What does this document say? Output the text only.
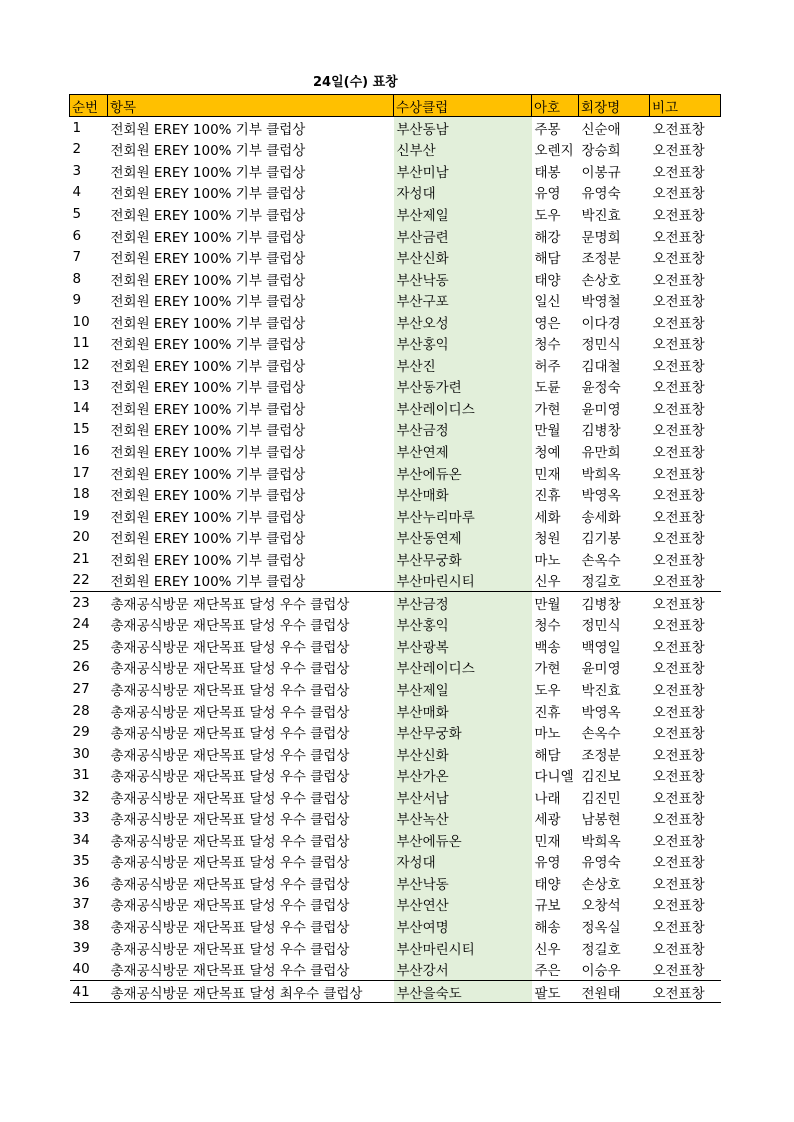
24일(수) 표창
순번	항목	수상클럽	아호	회장명	비고
1	전회원 EREY 100% 기부 클럽상	부산동남	주몽	신순애	오전표창
2	전회원 EREY 100% 기부 클럽상	신부산	오렌지	장승희	오전표창
3	전회원 EREY 100% 기부 클럽상	부산미남	태봉	이봉규	오전표창
4	전회원 EREY 100% 기부 클럽상	자성대	유영	유영숙	오전표창
5	전회원 EREY 100% 기부 클럽상	부산제일	도우	박진효	오전표창
6	전회원 EREY 100% 기부 클럽상	부산금련	해강	문명희	오전표창
7	전회원 EREY 100% 기부 클럽상	부산신화	해담	조정분	오전표창
8	전회원 EREY 100% 기부 클럽상	부산낙동	태양	손상호	오전표창
9	전회원 EREY 100% 기부 클럽상	부산구포	일신	박영철	오전표창
10	전회원 EREY 100% 기부 클럽상	부산오성	영은	이다경	오전표창
11	전회원 EREY 100% 기부 클럽상	부산홍익	청수	정민식	오전표창
12	전회원 EREY 100% 기부 클럽상	부산진	허주	김대철	오전표창
13	전회원 EREY 100% 기부 클럽상	부산동가련	도륜	윤정숙	오전표창
14	전회원 EREY 100% 기부 클럽상	부산레이디스	가현	윤미영	오전표창
15	전회원 EREY 100% 기부 클럽상	부산금정	만월	김병창	오전표창
16	전회원 EREY 100% 기부 클럽상	부산연제	청예	유만희	오전표창
17	전회원 EREY 100% 기부 클럽상	부산에듀온	민재	박희옥	오전표창
18	전회원 EREY 100% 기부 클럽상	부산매화	진휴	박영옥	오전표창
19	전회원 EREY 100% 기부 클럽상	부산누리마루	세화	송세화	오전표창
20	전회원 EREY 100% 기부 클럽상	부산동연제	청원	김기봉	오전표창
21	전회원 EREY 100% 기부 클럽상	부산무궁화	마노	손옥수	오전표창
22	전회원 EREY 100% 기부 클럽상	부산마린시티	신우	정길호	오전표창
23	총재공식방문 재단목표 달성 우수 클럽상	부산금정	만월	김병창	오전표창
24	총재공식방문 재단목표 달성 우수 클럽상	부산홍익	청수	정민식	오전표창
25	총재공식방문 재단목표 달성 우수 클럽상	부산광복	백송	백영일	오전표창
26	총재공식방문 재단목표 달성 우수 클럽상	부산레이디스	가현	윤미영	오전표창
27	총재공식방문 재단목표 달성 우수 클럽상	부산제일	도우	박진효	오전표창
28	총재공식방문 재단목표 달성 우수 클럽상	부산매화	진휴	박영옥	오전표창
29	총재공식방문 재단목표 달성 우수 클럽상	부산무궁화	마노	손옥수	오전표창
30	총재공식방문 재단목표 달성 우수 클럽상	부산신화	해담	조정분	오전표창
31	총재공식방문 재단목표 달성 우수 클럽상	부산가온	다니엘	김진보	오전표창
32	총재공식방문 재단목표 달성 우수 클럽상	부산서남	나래	김진민	오전표창
33	총재공식방문 재단목표 달성 우수 클럽상	부산녹산	세광	남봉현	오전표창
34	총재공식방문 재단목표 달성 우수 클럽상	부산에듀온	민재	박희옥	오전표창
35	총재공식방문 재단목표 달성 우수 클럽상	자성대	유영	유영숙	오전표창
36	총재공식방문 재단목표 달성 우수 클럽상	부산낙동	태양	손상호	오전표창
37	총재공식방문 재단목표 달성 우수 클럽상	부산연산	규보	오창석	오전표창
38	총재공식방문 재단목표 달성 우수 클럽상	부산여명	해송	정옥실	오전표창
39	총재공식방문 재단목표 달성 우수 클럽상	부산마린시티	신우	정길호	오전표창
40	총재공식방문 재단목표 달성 우수 클럽상	부산강서	주은	이승우	오전표창
41	총재공식방문 재단목표 달성 최우수 클럽상	부산을숙도	팔도	전원태	오전표창
